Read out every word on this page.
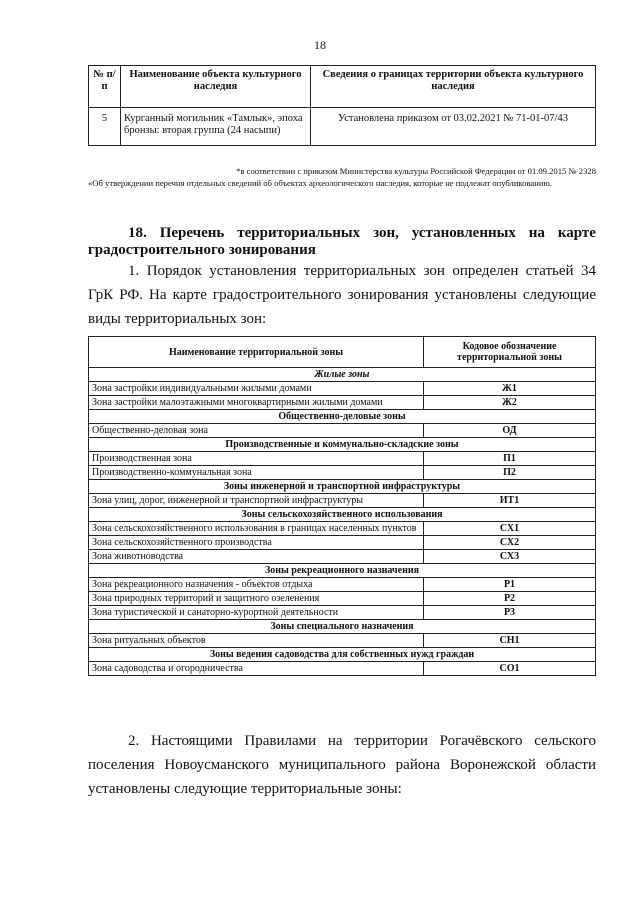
18
№ п/п	Наименование объекта культурного наследия	Сведения о границах территории объекта культурного наследия
5	Курганный могильник «Тамлык», эпоха бронзы: вторая группа (24 насыпи)	Установлена приказом от 03.02.2021 № 71-01-07/43
*в соответствии с приказом Министерства культуры Российской Федерации от 01.09.2015 № 2328
«Об утверждении перечня отдельных сведений об объектах археологического наследия, которые не подлежат опубликованию.
18. Перечень территориальных зон, установленных на карте
градостроительного зонирования
1. Порядок установления территориальных зон определен статьей 34
ГрК РФ. На карте градостроительного зонирования установлены следующие
виды территориальных зон:
Наименование территориальной зоны	Кодовое обозначение территориальной зоны
Жилые зоны	
Зона застройки индивидуальными жилыми домами	Ж1
Зона застройки малоэтажными многоквартирными жилыми домами	Ж2
Общественно-деловые зоны	
Общественно-деловая зона	ОД
Производственные и коммунально-складские зоны	
Производственная зона	П1
Производственно-коммунальная зона	П2
Зоны инженерной и транспортной инфраструктуры	
Зона улиц, дорог, инженерной и транспортной инфраструктуры	ИТ1
Зоны сельскохозяйственного использования	
Зона сельскохозяйственного использования в границах населенных пунктов	СХ1
Зона сельскохозяйственного производства	СХ2
Зона животноводства	СХ3
Зоны рекреационного назначения	
Зона рекреационного назначения - объектов отдыха	Р1
Зона природных территорий и защитного озеленения	Р2
Зона туристической и санаторно-курортной деятельности	Р3
Зоны специального назначения	
Зона ритуальных объектов	СН1
Зоны ведения садоводства для собственных нужд граждан	
Зона садоводства и огородничества	СО1
2. Настоящими Правилами на территории Рогачёвского сельского
поселения Новоусманского муниципального района Воронежской области
установлены следующие территориальные зоны:
